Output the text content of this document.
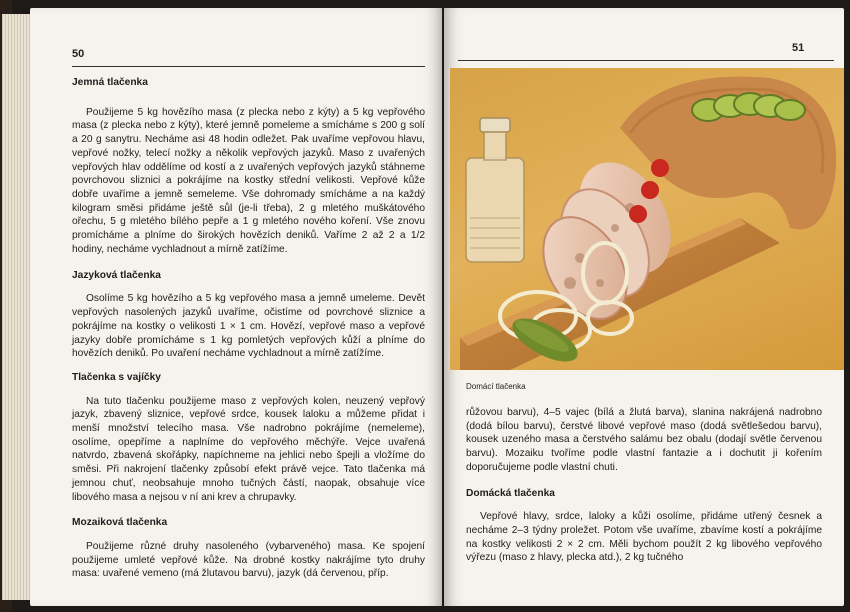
50
Jemná tlačenka

Použijeme 5 kg hovězího masa (z plecka nebo z kýty) a 5 kg vepřového masa (z plecka nebo z kýty), které jemně pomeleme a smícháme s 200 g solí a 20 g sanytru. Necháme asi 48 hodin odležet. Pak uvaříme vepřovou hlavu, vepřové nožky, telecí nožky a několik vepřových jazyků. Maso z uvařených vepřových hlav oddělíme od kostí a z uvařených vepřových jazyků stáhneme povrchovou sliznici a pokrájíme na kostky střední velikosti. Vepřové kůže dobře uvaříme a jemně semeleme. Vše dohromady smícháme a na každý kilogram směsi přidáme ještě sůl (je-li třeba), 2 g mletého muškátového ořechu, 5 g mletého bílého pepře a 1 g mletého nového koření. Vše znovu promícháme a plníme do širokých hovězích deniků. Vaříme 2 až 2 a 1/2 hodiny, necháme vychladnout a mírně zatížíme.

Jazyková tlačenka

Osolíme 5 kg hovězího a 5 kg vepřového masa a jemně umeleme. Devět vepřových nasolených jazyků uvaříme, očistíme od povrchové sliznice a pokrájíme na kostky o velikosti 1 × 1 cm. Hovězí, vepřové maso a vepřové jazyky dobře promícháme s 1 kg pomletých vepřových kůží a plníme do hovězích deniků. Po uvaření necháme vychladnout a mírně zatížíme.

Tlačenka s vajíčky

Na tuto tlačenku použijeme maso z vepřových kolen, neuzený vepřový jazyk, zbavený sliznice, vepřové srdce, kousek laloku a můžeme přidat i menší množství telecího masa. Vše nadrobno pokrájíme (nemeleme), osolíme, opepříme a naplníme do vepřového měchýře. Vejce uvařená natvrdo, zbavená skořápky, napíchneme na jehlici nebo špejli a vložíme do směsi. Při nakrojení tlačenky způsobí efekt právě vejce. Tato tlačenka má jemnou chuť, neobsahuje mnoho tučných částí, naopak, obsahuje více libového masa a nejsou v ní ani krev a chrupavky.

Mozaiková tlačenka

Použijeme různé druhy nasoleného (vybarveného) masa. Ke spojení použijeme umleté vepřové kůže. Na drobné kostky nakrájíme tyto druhy masa: uvařené vemeno (má žlutavou barvu), jazyk (dá červenou, příp.

51
Domácí tlačenka

růžovou barvu), 4–5 vajec (bílá a žlutá barva), slanina nakrájená nadrobno (dodá bílou barvu), čerstvé libové vepřové maso (dodá světlešedou barvu), kousek uzeného masa a čerstvého salámu bez obalu (dodají světle červenou barvu). Mozaiku tvoříme podle vlastní fantazie a i dochutit ji kořením doporučujeme podle vlastní chuti.

Domácká tlačenka

Vepřové hlavy, srdce, laloky a kůži osolíme, přidáme utřený česnek a necháme 2–3 týdny proležet. Potom vše uvaříme, zbavíme kostí a pokrájíme na kostky velikosti 2 × 2 cm. Měli bychom použít 2 kg libového vepřového výřezu (maso z hlavy, plecka atd.), 2 kg tučného
